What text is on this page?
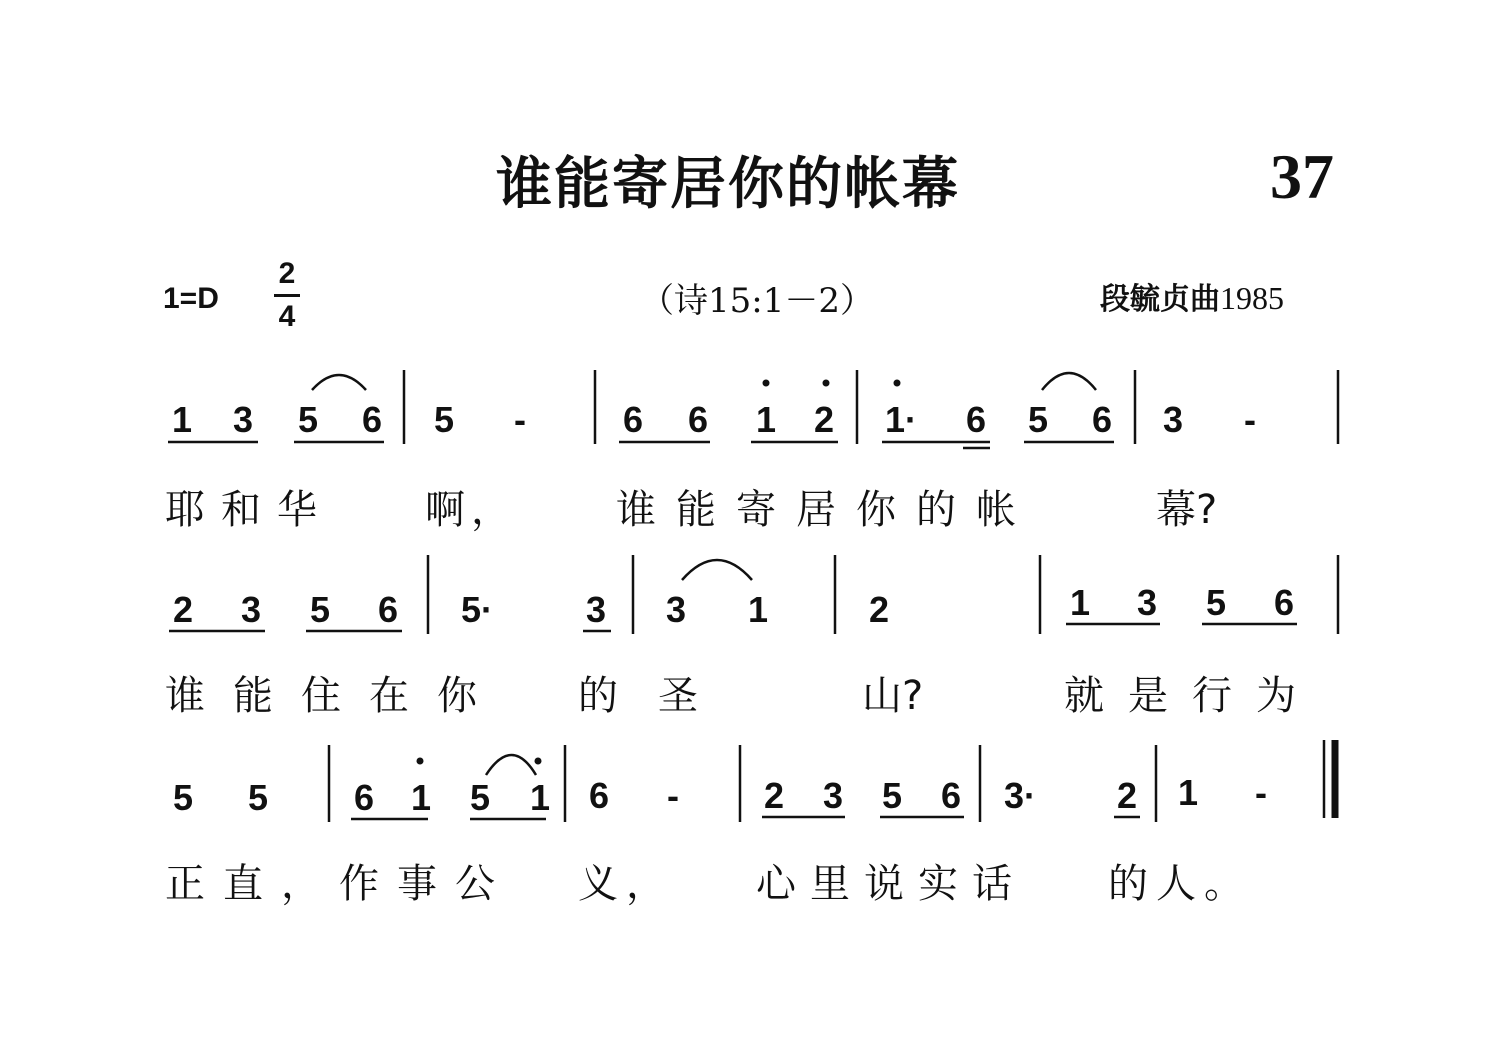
谁能寄居你的帐幕	37
1=D
2
4	（诗15:1－2）	段毓贞曲1985
1 3 5 6 5 -	6 6 1 2 1· 6 5 6 3 -
2 3 5 6 5·	3 3 1	2	1 3 5 6
5 5 6 1 5 1 6 - 2 3 5 6 3· 2 1 -
耶和华 啊， 谁能寄居你的帐	幕?
谁能住在你 的圣	山?	就是行为
正直，作事公 义， 心里说实话 的人。
